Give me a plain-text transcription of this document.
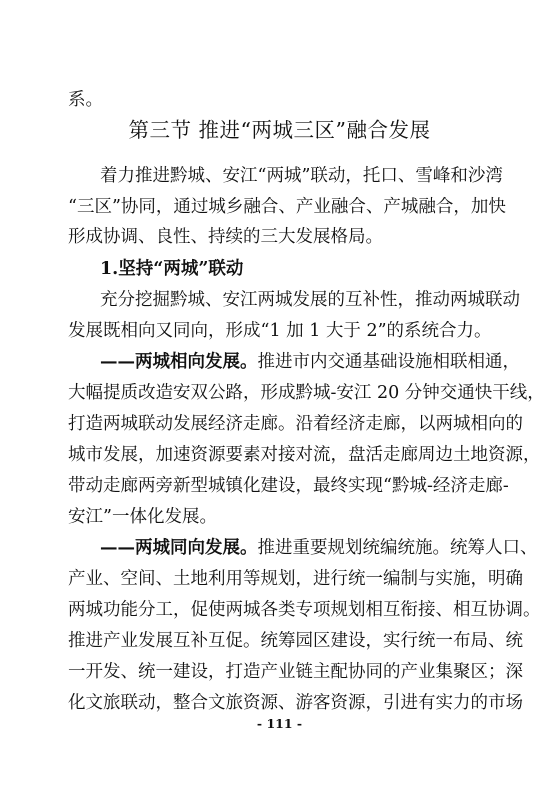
系。
第三节 推进“两城三区”融合发展
着力推进黔城、安江“两城”联动，托口、雪峰和沙湾
“三区”协同，通过城乡融合、产业融合、产城融合，加快
形成协调、良性、持续的三大发展格局。
1.坚持“两城”联动
充分挖掘黔城、安江两城发展的互补性，推动两城联动
发展既相向又同向，形成“1 加 1 大于 2”的系统合力。
——两城相向发展。推进市内交通基础设施相联相通，
大幅提质改造安双公路，形成黔城-安江 20 分钟交通快干线，
打造两城联动发展经济走廊。沿着经济走廊，以两城相向的
城市发展，加速资源要素对接对流，盘活走廊周边土地资源，
带动走廊两旁新型城镇化建设，最终实现“黔城-经济走廊-
安江”一体化发展。
——两城同向发展。推进重要规划统编统施。统筹人口、
产业、空间、土地利用等规划，进行统一编制与实施，明确
两城功能分工，促使两城各类专项规划相互衔接、相互协调。
推进产业发展互补互促。统筹园区建设，实行统一布局、统
一开发、统一建设，打造产业链主配协同的产业集聚区；深
化文旅联动，整合文旅资源、游客资源，引进有实力的市场
- 111 -
